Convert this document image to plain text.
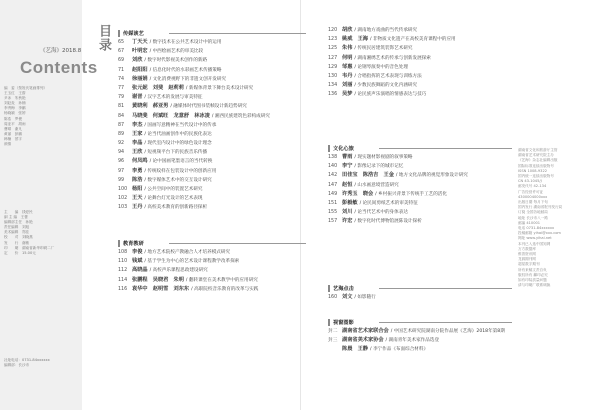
目录
《艺海》2018.8
Contents
编　委（按姓氏笔画排列）
王玉红　王蔚
尹冰　朱秋艳
刘赵炎　孙楠
李秀梅　李鹏
杨晓颖　张婷
陈浩　罗俊
周亚平　胡雨
曹晴　谢凡
黄丽　彭鹏
韩楠　蔡宇
颜倩
主　　编　钱爱民
副 主 编　王蕾
编辑部主任　孙艳
责任编辑　刘旭
美术编辑　郑佳
校　　对　刘晓燕
发　　行　谢敏
印　　刷　湖南省新华印刷二厂
定　　价　15.00元
社址电话：0731-84xxxxxx
编辑部：长沙市
传媒谈艺
65	丁天天 / 数字技术在公共艺术设计中的运用
67	叶明宏 / 中西绘画艺术的审美比较
69	刘欣 / 数字时代影视美术创作的新路
71	赵阳阳 / 信息化时代的水彩画艺术传播策略
74	徐丽娟 / 文化消费视野下的非遗文创开发研究
77	张元妮　刘斐　赵莉莉 / 新媒体背景下舞台美术设计研究
79	谢晋 / 汉字艺术的发展与审美特征
81	黄晓利　郝亚男 / 融媒体时代图书装帧设计新趋势研究
84	马晓斐　何斌旺　龙意舒　林冰凌 / 湘西民族建筑色彩构成研究
87	李杰 / 国画写意精神在当代设计中的传承
89	王家 / 论当代油画创作中的民族化表达
92	李晶 / 现代室内设计中的绿色设计理念
94	王欣 / 短视频平台下的民族音乐传播
96	何凤鸣 / 论中国画笔墨语言的当代转换
97	李勇 / 传统纹样在包装设计中的创新应用
99	陈浩 / 数字媒体艺术中的交互设计研究
100 杨阳 / 公共空间中的装置艺术研究
102 王天 / 论舞台灯光设计的艺术表现
103 王丹 / 高校美术教育的创新路径探析
教育教研
108 李俊 / 地方艺术院校产教融合人才培养模式研究
110 钱斌 / 基于学生为中心的艺术设计课程教学改革探索
112 高晓晶 / 高校声乐课程思政建设研究
114 张鹏程　吴晓君　朱明 / 翻转课堂在美术教学中的应用研究
116 袁华中　赵明雪　刘东东 / 高职院校音乐教育的改革与实践
120 胡欣 / 湖南地方戏曲的当代传承研究
123 姚威　王海 / 非物质文化遗产在高校美育课程中的应用
125 朱伟 / 传统民居建筑装饰艺术研究
127 何明 / 湖南湘绣艺术的传承与创新发展探索
129 邹惠 / 论钢琴演奏中的音色处理
130 韦丹 / 合唱指挥的艺术表现与训练方法
134 刘丽 / 少数民族舞蹈的文化内涵研究
136 吴梦 / 论民族声乐演唱的情感表达与技巧
文化心旅
138 曹雨 / 现实题材影视剧的叙事策略
140 李宁 / 影像记录下的城市记忆
142 田佳宝　陈浩吉　王金 / 地方文化品牌的视觉形象设计研究
147 赵恒 / 山水画意境营造研究
149 许秀玉　晓会 / 乡村振兴背景下传统手工艺的活化
151 彭毅敏 / 论民间剪纸艺术的审美特征
155 刘川 / 论当代艺术中的身体表达
157 许宏 / 数字化时代博物馆展陈设计探析
艺海点击
160 刘文 / 如影随行
视窗图影
封二 湖南省艺术家联合会 / 中国艺术研究院湖南分院作品展《艺海》2018年第8期
封三 湖南省美术家协会 / 湖南青年美术家作品选登
陈晨　王静 / 李宁作品《布面综合材料》
湖南省文化和旅游厅主管
湖南省艺术研究院主办
《艺海》杂志社编辑出版
国际标准连续出版物号
ISSN 1008-9322
国内统一连续出版物号
CN 43-1045/J
邮发代号 42-134
广告经营许可证
4300004000xxx
出版日期 每月下旬
国内发行 湖南省报刊发行局
订阅 全国各地邮局
地址 长沙市八一路
邮编 410001
电话 0731-84xxxxxx
投稿邮箱 yihai@xxx.com
网址 www.yihai.net
本刊已入选中国知网
万方数据库
维普资讯网
龙源期刊网
超星数字期刊
所有来稿文责自负
版权所有 翻印必究
如有印装质量问题
请与印刷厂联系调换
